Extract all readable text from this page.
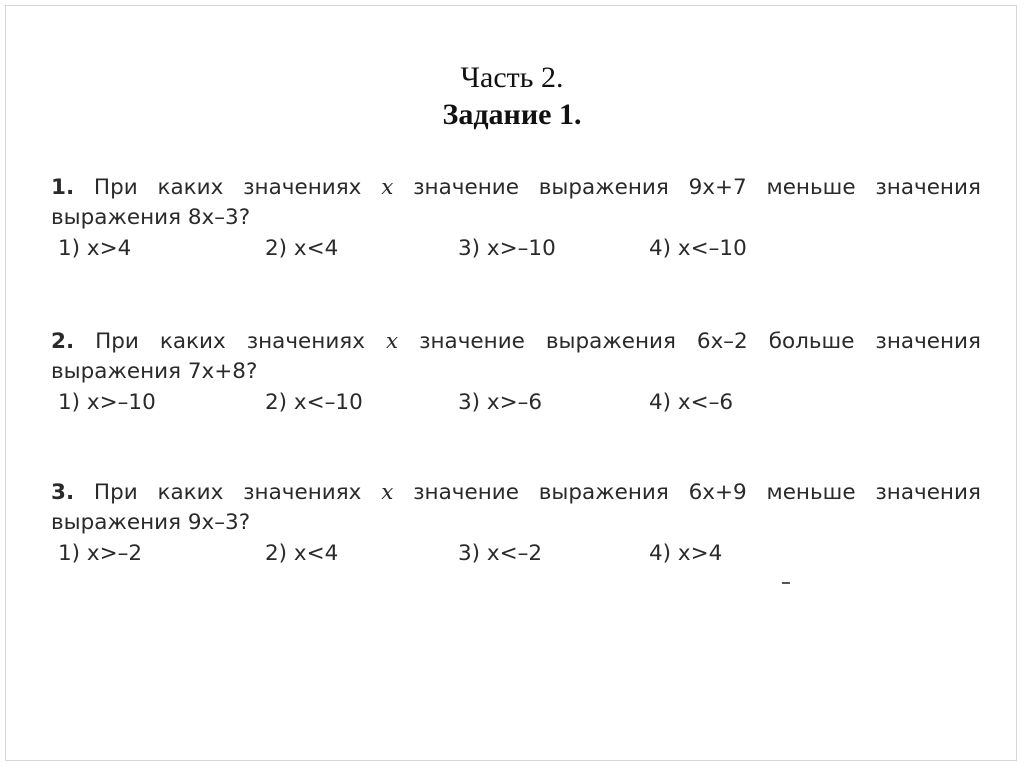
Часть 2.
Задание 1.
1. При каких значениях x значение выражения 9x+7 меньше значения
выражения 8x–3?
1) x>4	2) x<4	3) x>–10	4) x<–10
2. При каких значениях x значение выражения 6x–2 больше значения
выражения 7x+8?
1) x>–10	2) x<–10	3) x>–6	4) x<–6
3. При каких значениях x значение выражения 6x+9 меньше значения
выражения 9x–3?
1) x>–2	2) x<4	3) x<–2	4) x>4
